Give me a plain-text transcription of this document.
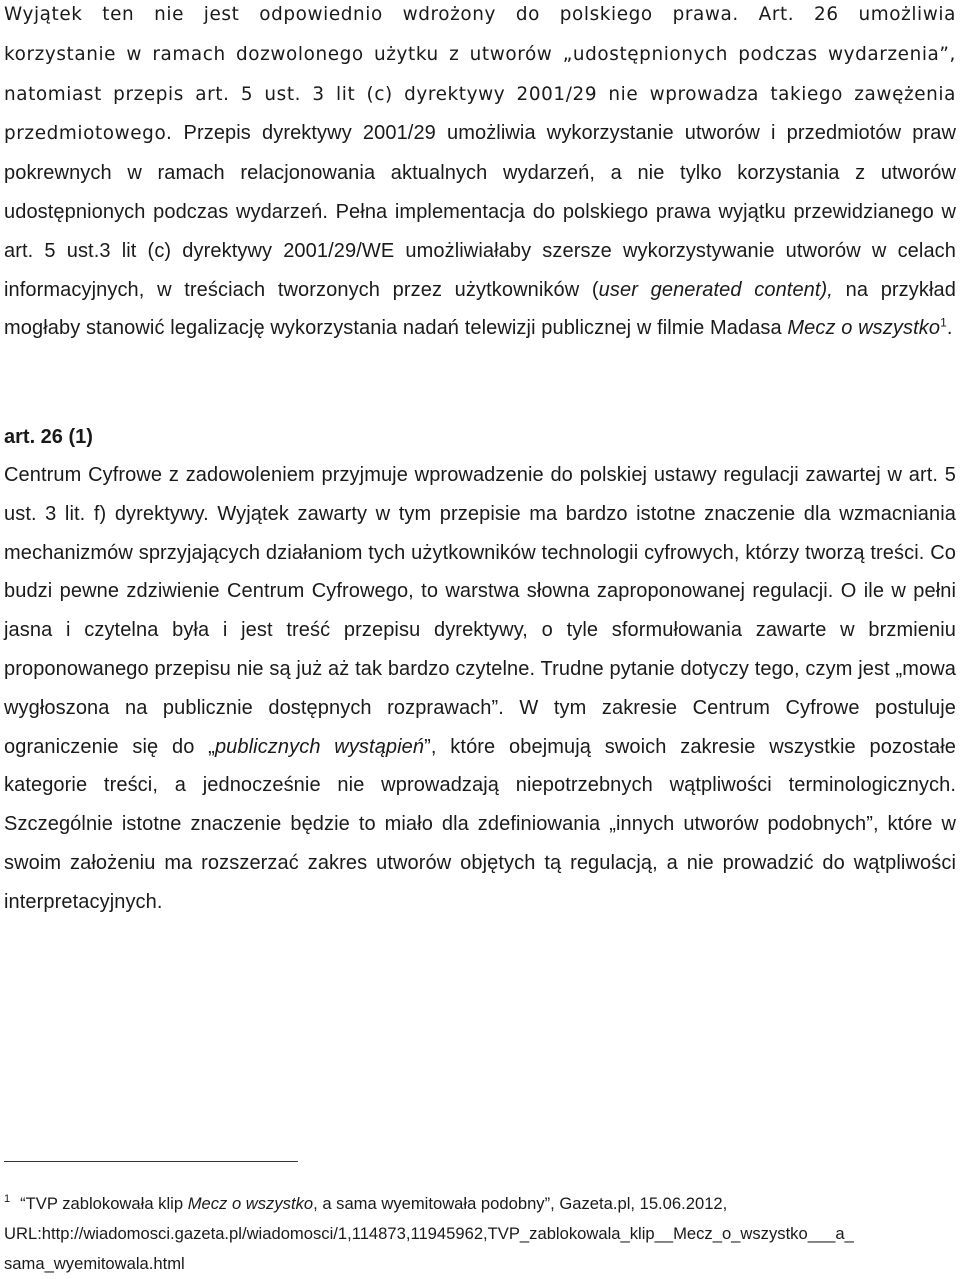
Wyjątek ten nie jest odpowiednio wdrożony do polskiego prawa. Art. 26 umożliwia korzystanie w ramach dozwolonego użytku z utworów „udostępnionych podczas wydarzenia”, natomiast przepis art. 5 ust. 3 lit (c) dyrektywy 2001/29 nie wprowadza takiego zawężenia przedmiotowego. Przepis dyrektywy 2001/29 umożliwia wykorzystanie utworów i przedmiotów praw pokrewnych w ramach relacjonowania aktualnych wydarzeń, a nie tylko korzystania z utworów udostępnionych podczas wydarzeń. Pełna implementacja do polskiego prawa wyjątku przewidzianego w art. 5 ust.3 lit (c) dyrektywy 2001/29/WE umożliwiałaby szersze wykorzystywanie utworów w celach informacyjnych, w treściach tworzonych przez użytkowników (user generated content), na przykład mogłaby stanowić legalizację wykorzystania nadań telewizji publicznej w filmie Madasa Mecz o wszystko$^1$.

art. 26 (1)

Centrum Cyfrowe z zadowoleniem przyjmuje wprowadzenie do polskiej ustawy regulacji zawartej w art. 5 ust. 3 lit. f) dyrektywy. Wyjątek zawarty w tym przepisie ma bardzo istotne znaczenie dla wzmacniania mechanizmów sprzyjających działaniom tych użytkowników technologii cyfrowych, którzy tworzą treści. Co budzi pewne zdziwienie Centrum Cyfrowego, to warstwa słowna zaproponowanej regulacji. O ile w pełni jasna i czytelna była i jest treść przepisu dyrektywy, o tyle sformułowania zawarte w brzmieniu proponowanego przepisu nie są już aż tak bardzo czytelne. Trudne pytanie dotyczy tego, czym jest „mowa wygłoszona na publicznie dostępnych rozprawach”. W tym zakresie Centrum Cyfrowe postuluje ograniczenie się do „publicznych wystąpień”, które obejmują swoich zakresie wszystkie pozostałe kategorie treści, a jednocześnie nie wprowadzają niepotrzebnych wątpliwości terminologicznych. Szczególnie istotne znaczenie będzie to miało dla zdefiniowania „innych utworów podobnych”, które w swoim założeniu ma rozszerzać zakres utworów objętych tą regulacją, a nie prowadzić do wątpliwości interpretacyjnych.

$^1$ “TVP zablokowała klip Mecz o wszystko, a sama wyemitowała podobny”, Gazeta.pl, 15.06.2012,
URL:http://wiadomosci.gazeta.pl/wiadomosci/1,114873,11945962,TVP_zablokowala_klip__Mecz_o_wszystko___a_ sama_wyemitowala.html
